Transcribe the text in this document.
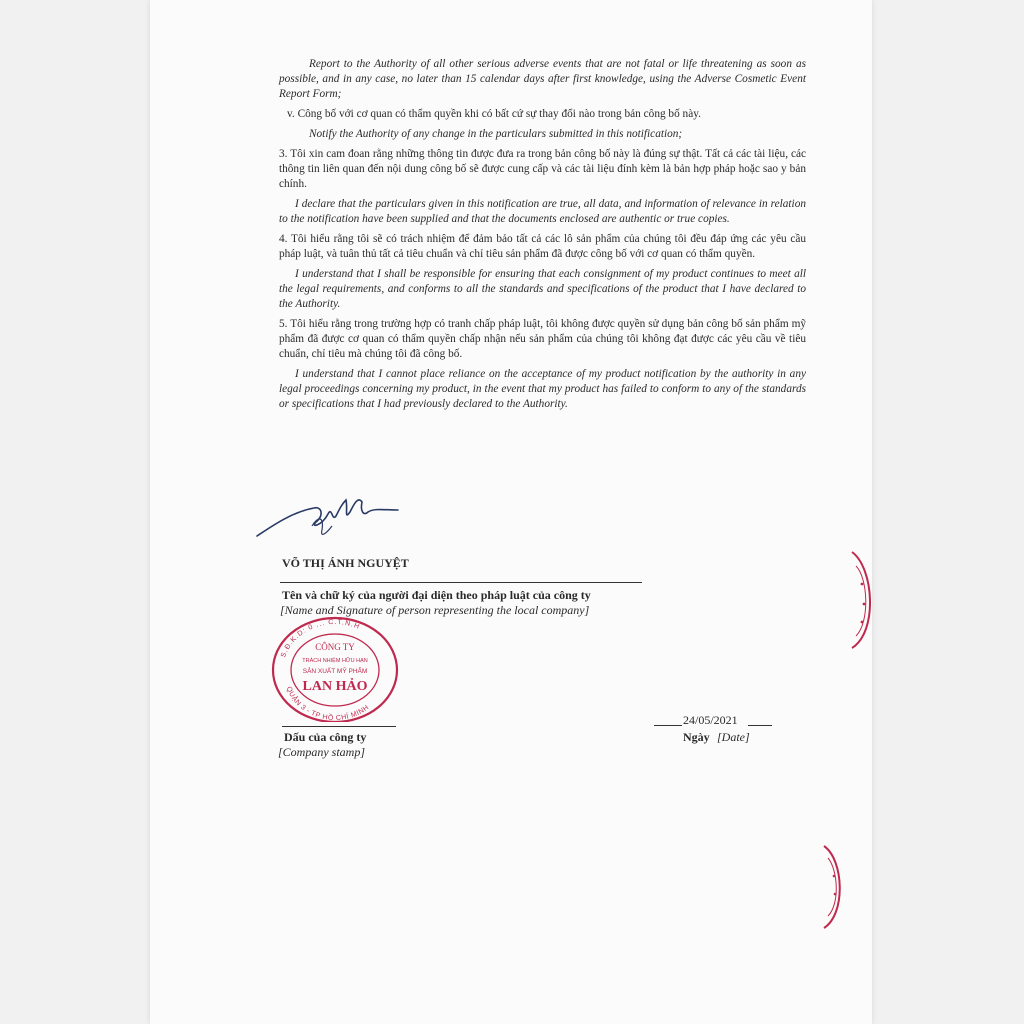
Report to the Authority of all other serious adverse events that are not fatal or life threatening as soon as possible, and in any case, no later than 15 calendar days after first knowledge, using the Adverse Cosmetic Event Report Form;

v. Công bố với cơ quan có thẩm quyền khi có bất cứ sự thay đổi nào trong bản công bố này.

Notify the Authority of any change in the particulars submitted in this notification;

3. Tôi xin cam đoan rằng những thông tin được đưa ra trong bản công bố này là đúng sự thật. Tất cả các tài liệu, các thông tin liên quan đến nội dung công bố sẽ được cung cấp và các tài liệu đính kèm là bản hợp pháp hoặc sao y bản chính.

I declare that the particulars given in this notification are true, all data, and information of relevance in relation to the notification have been supplied and that the documents enclosed are authentic or true copies.

4. Tôi hiểu rằng tôi sẽ có trách nhiệm để đảm bảo tất cả các lô sản phẩm của chúng tôi đều đáp ứng các yêu cầu pháp luật, và tuân thủ tất cả tiêu chuẩn và chỉ tiêu sản phẩm đã được công bố với cơ quan có thẩm quyền.

I understand that I shall be responsible for ensuring that each consignment of my product continues to meet all the legal requirements, and conforms to all the standards and specifications of the product that I have declared to the Authority.

5. Tôi hiểu rằng trong trường hợp có tranh chấp pháp luật, tôi không được quyền sử dụng bản công bố sản phẩm mỹ phẩm đã được cơ quan có thẩm quyền chấp nhận nếu sản phẩm của chúng tôi không đạt được các yêu cầu về tiêu chuẩn, chỉ tiêu mà chúng tôi đã công bố.

I understand that I cannot place reliance on the acceptance of my product notification by the authority in any legal proceedings concerning my product, in the event that my product has failed to conform to any of the standards or specifications that I had previously declared to the Authority.

VÕ THỊ ÁNH NGUYỆT
Tên và chữ ký của người đại diện theo pháp luật của công ty
[Name and Signature of person representing the local company]
S.Đ.K.D: 0 ... C.T.N.H
QUẬN 3 - TP HỒ CHÍ MINH
CÔNG TY
TRÁCH NHIỆM HỮU HẠN
SẢN XUẤT MỸ PHẨM
LAN HẢO
Dấu của công ty
[Company stamp]
24/05/2021
Ngày [Date]
